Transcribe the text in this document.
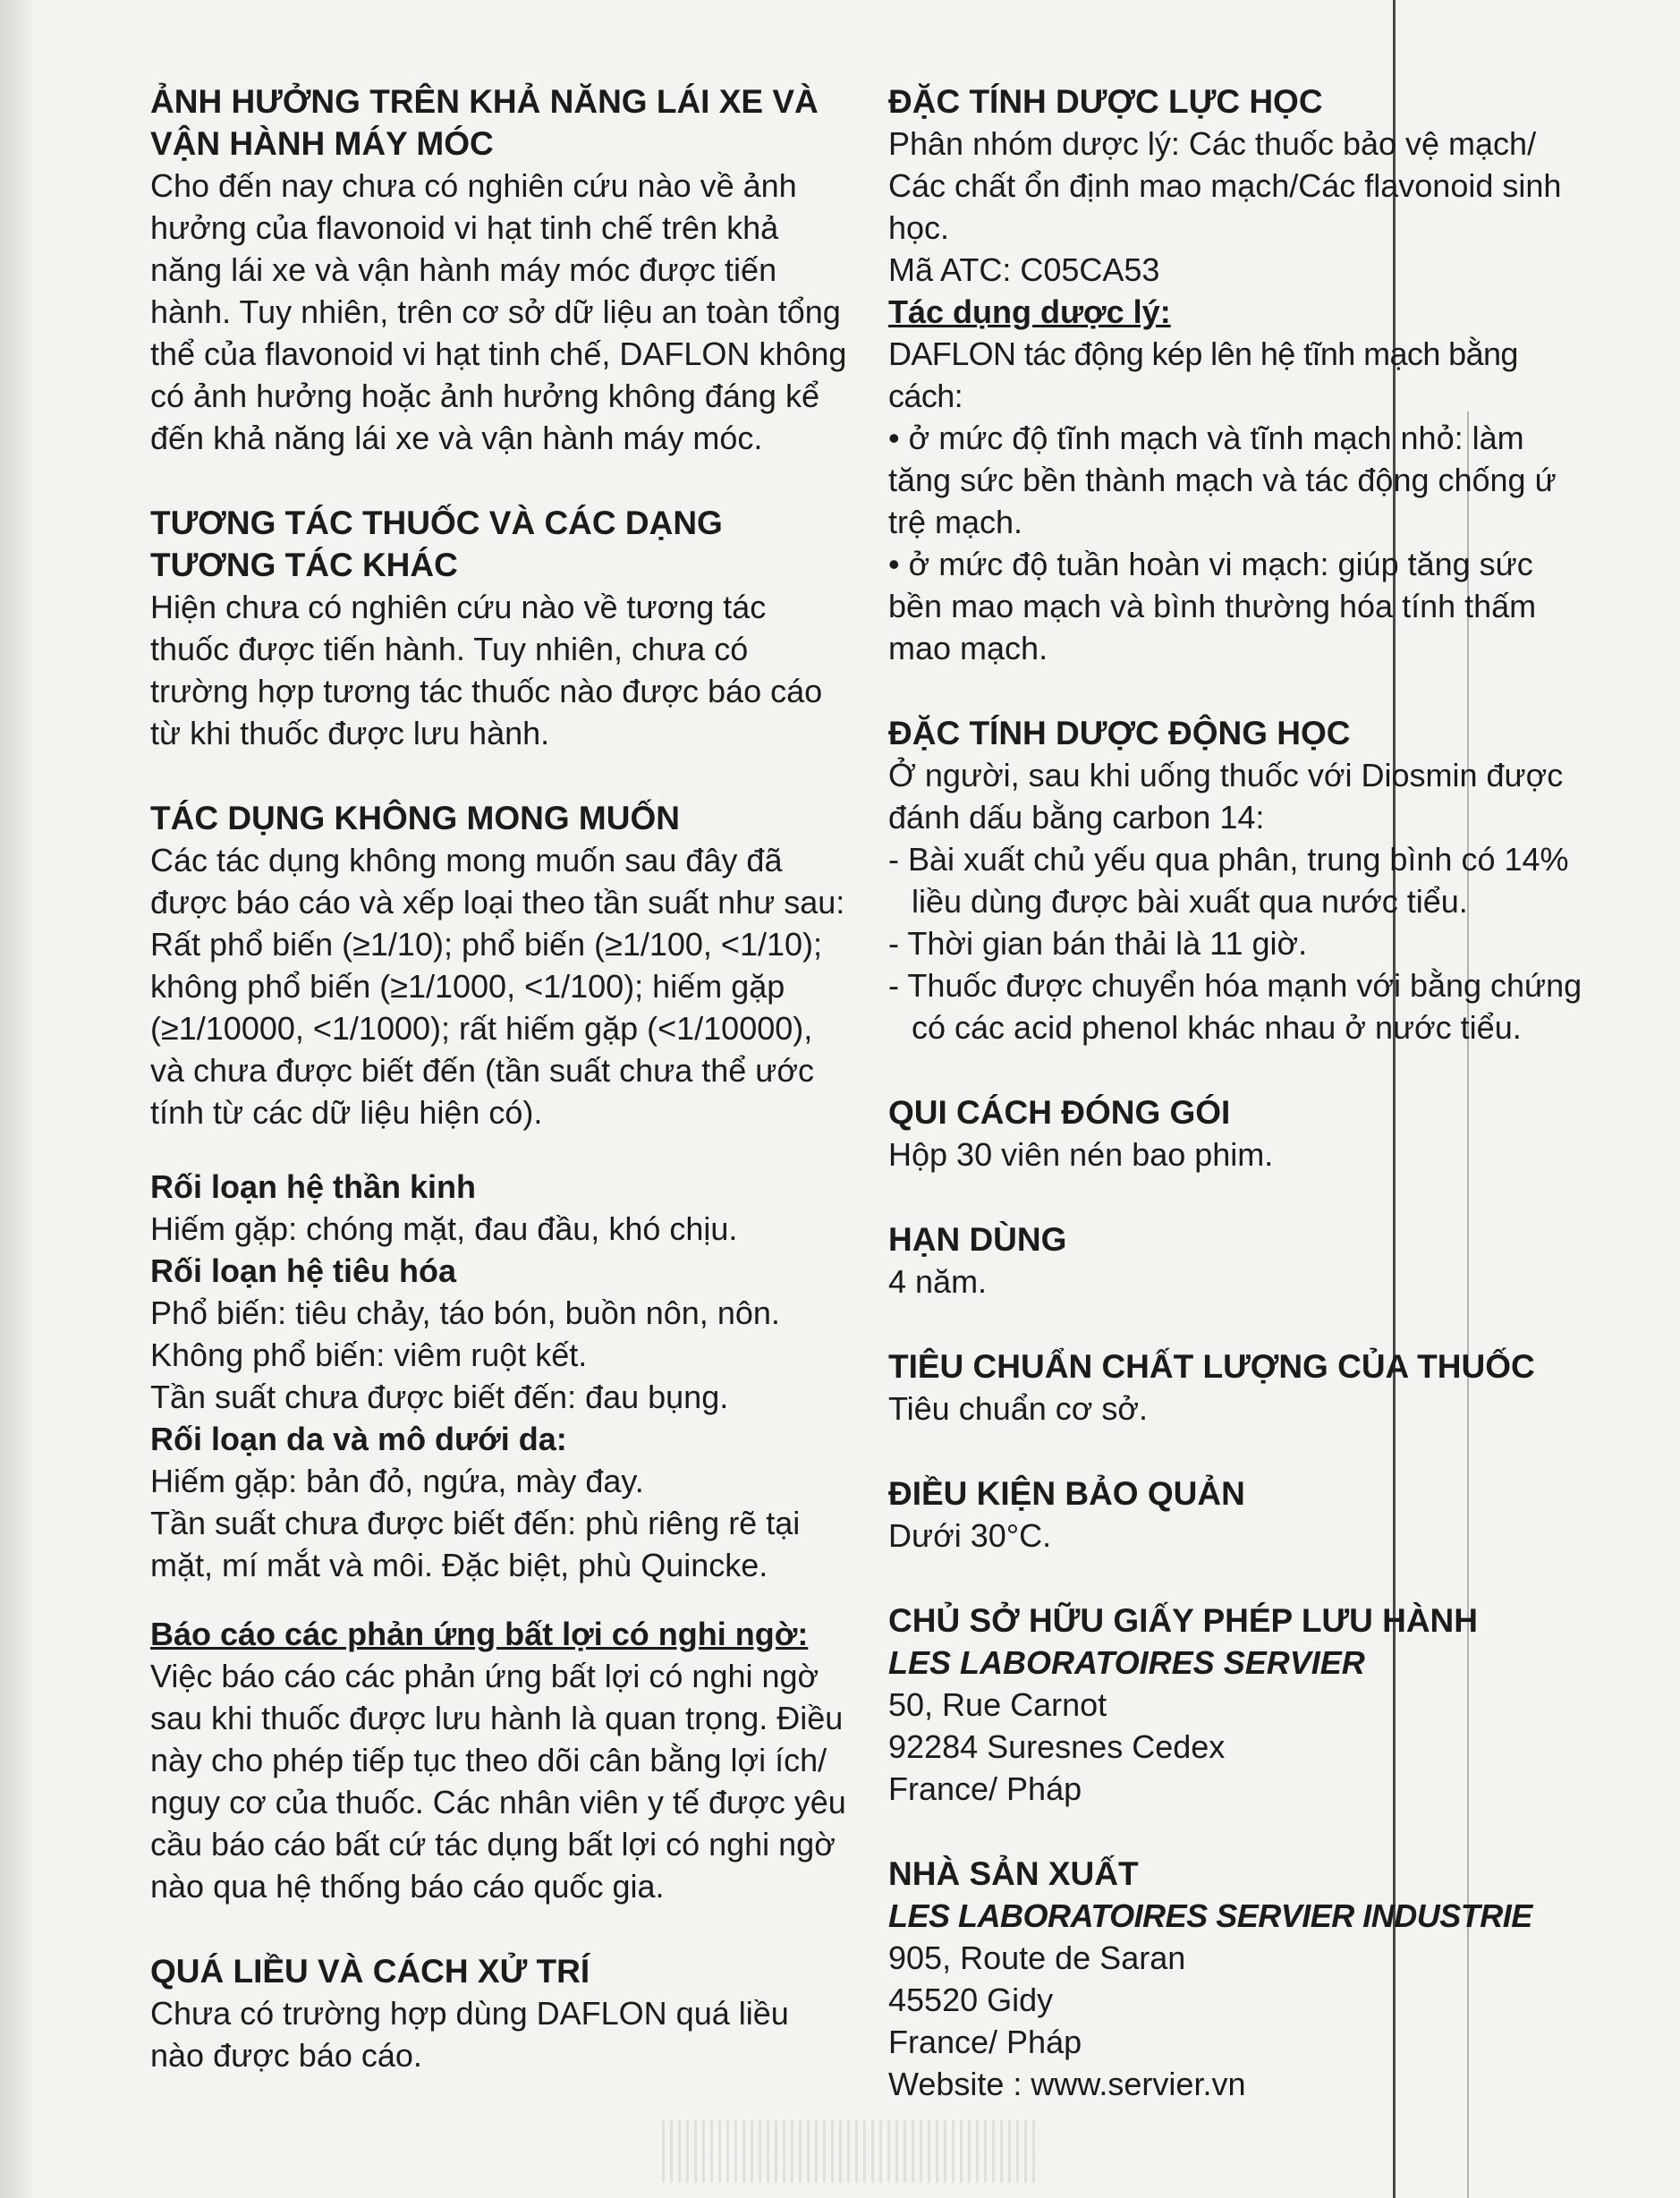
ẢNH HƯỞNG TRÊN KHẢ NĂNG LÁI XE VÀ VẬN HÀNH MÁY MÓC

Cho đến nay chưa có nghiên cứu nào về ảnh hưởng của flavonoid vi hạt tinh chế trên khả năng lái xe và vận hành máy móc được tiến hành. Tuy nhiên, trên cơ sở dữ liệu an toàn tổng thể của flavonoid vi hạt tinh chế, DAFLON không có ảnh hưởng hoặc ảnh hưởng không đáng kể đến khả năng lái xe và vận hành máy móc.

TƯƠNG TÁC THUỐC VÀ CÁC DẠNG TƯƠNG TÁC KHÁC

Hiện chưa có nghiên cứu nào về tương tác thuốc được tiến hành. Tuy nhiên, chưa có trường hợp tương tác thuốc nào được báo cáo từ khi thuốc được lưu hành.

TÁC DỤNG KHÔNG MONG MUỐN

Các tác dụng không mong muốn sau đây đã được báo cáo và xếp loại theo tần suất như sau: Rất phổ biến (≥1/10); phổ biến (≥1/100, <1/10); không phổ biến (≥1/1000, <1/100); hiếm gặp (≥1/10000, <1/1000); rất hiếm gặp (<1/10000), và chưa được biết đến (tần suất chưa thể ước tính từ các dữ liệu hiện có).

Rối loạn hệ thần kinh

Hiếm gặp: chóng mặt, đau đầu, khó chịu.

Rối loạn hệ tiêu hóa

Phổ biến: tiêu chảy, táo bón, buồn nôn, nôn.

Không phổ biến: viêm ruột kết.

Tần suất chưa được biết đến: đau bụng.

Rối loạn da và mô dưới da:

Hiếm gặp: bản đỏ, ngứa, mày đay.

Tần suất chưa được biết đến: phù riêng rẽ tại mặt, mí mắt và môi. Đặc biệt, phù Quincke.

Báo cáo các phản ứng bất lợi có nghi ngờ:

Việc báo cáo các phản ứng bất lợi có nghi ngờ sau khi thuốc được lưu hành là quan trọng. Điều này cho phép tiếp tục theo dõi cân bằng lợi ích/ nguy cơ của thuốc. Các nhân viên y tế được yêu cầu báo cáo bất cứ tác dụng bất lợi có nghi ngờ nào qua hệ thống báo cáo quốc gia.

QUÁ LIỀU VÀ CÁCH XỬ TRÍ

Chưa có trường hợp dùng DAFLON quá liều nào được báo cáo.

ĐẶC TÍNH DƯỢC LỰC HỌC

Phân nhóm dược lý: Các thuốc bảo vệ mạch/ Các chất ổn định mao mạch/Các flavonoid sinh học.

Mã ATC: C05CA53

Tác dụng dược lý:

DAFLON tác động kép lên hệ tĩnh mạch bằng cách:

• ở mức độ tĩnh mạch và tĩnh mạch nhỏ: làm tăng sức bền thành mạch và tác động chống ứ trệ mạch.

• ở mức độ tuần hoàn vi mạch: giúp tăng sức bền mao mạch và bình thường hóa tính thấm mao mạch.

ĐẶC TÍNH DƯỢC ĐỘNG HỌC

Ở người, sau khi uống thuốc với Diosmin được đánh dấu bằng carbon 14:

- Bài xuất chủ yếu qua phân, trung bình có 14% liều dùng được bài xuất qua nước tiểu.

- Thời gian bán thải là 11 giờ.

- Thuốc được chuyển hóa mạnh với bằng chứng có các acid phenol khác nhau ở nước tiểu.

QUI CÁCH ĐÓNG GÓI

Hộp 30 viên nén bao phim.

HẠN DÙNG

4 năm.

TIÊU CHUẨN CHẤT LƯỢNG CỦA THUỐC

Tiêu chuẩn cơ sở.

ĐIỀU KIỆN BẢO QUẢN

Dưới 30°C.

CHỦ SỞ HỮU GIẤY PHÉP LƯU HÀNH

LES LABORATOIRES SERVIER

50, Rue Carnot

92284 Suresnes Cedex

France/ Pháp

NHÀ SẢN XUẤT

LES LABORATOIRES SERVIER INDUSTRIE

905, Route de Saran

45520 Gidy

France/ Pháp

Website : www.servier.vn
